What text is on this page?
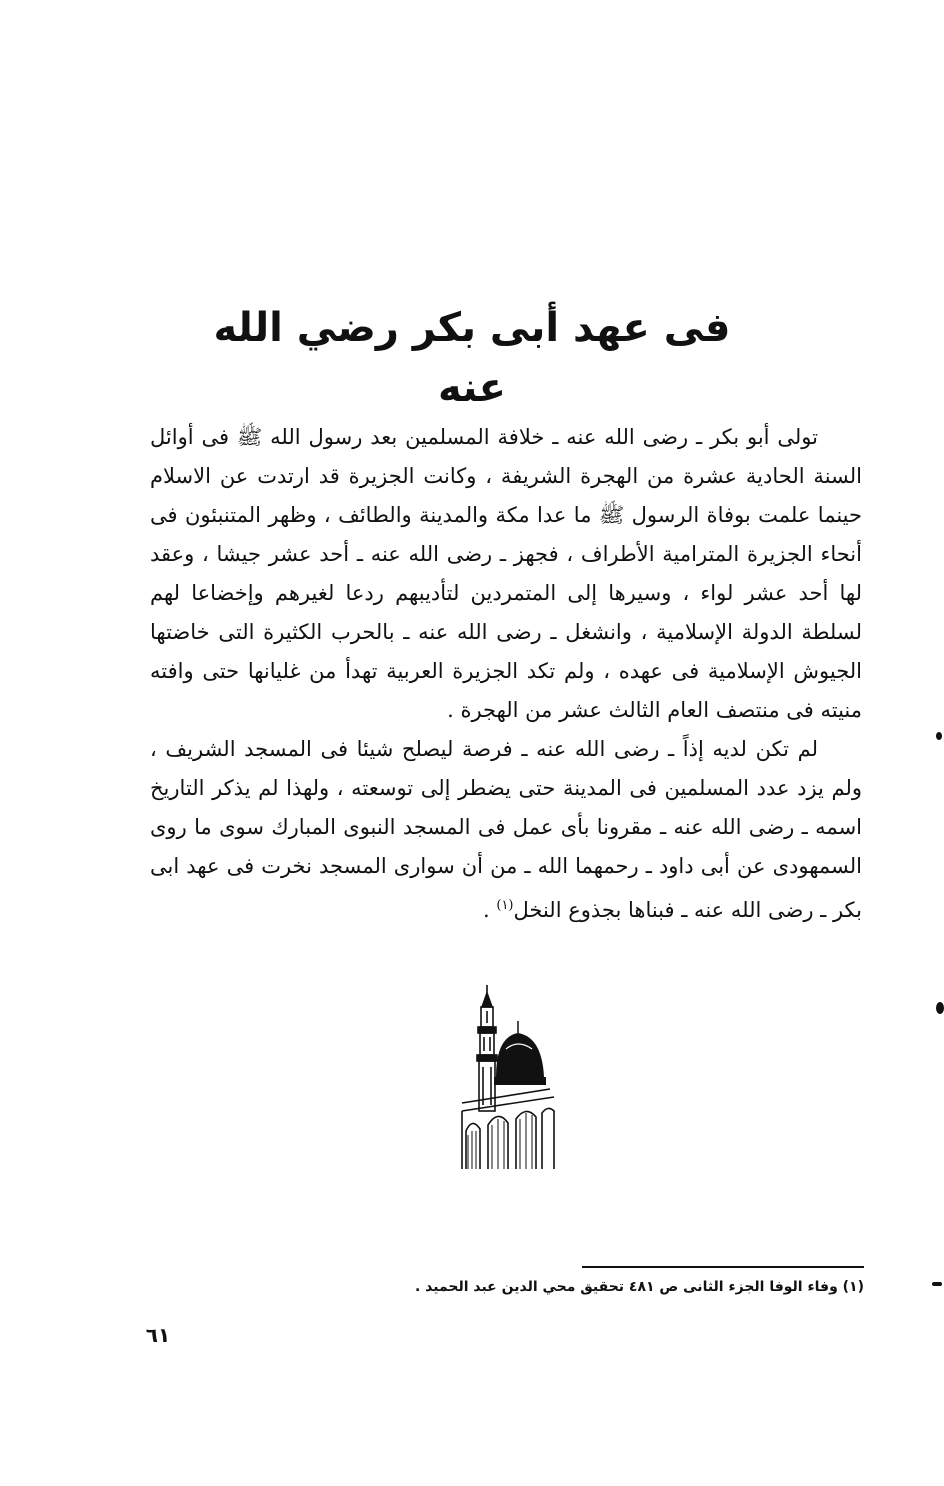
فى عهد أبى بكر رضي الله عنه

تولى أبو بكر ـ رضى الله عنه ـ خلافة المسلمين بعد رسول الله ﷺ فى أوائل السنة الحادية عشرة من الهجرة الشريفة ، وكانت الجزيرة قد ارتدت عن الاسلام حينما علمت بوفاة الرسول ﷺ ما عدا مكة والمدينة والطائف ، وظهر المتنبئون فى أنحاء الجزيرة المترامية الأطراف ، فجهز ـ رضى الله عنه ـ أحد عشر جيشا ، وعقد لها أحد عشر لواء ، وسيرها إلى المتمردين لتأديبهم ردعا لغيرهم وإخضاعا لهم لسلطة الدولة الإسلامية ، وانشغل ـ رضى الله عنه ـ بالحرب الكثيرة التى خاضتها الجيوش الإسلامية فى عهده ، ولم تكد الجزيرة العربية تهدأ من غليانها حتى وافته منيته فى منتصف العام الثالث عشر من الهجرة .

لم تكن لديه إذاً ـ رضى الله عنه ـ فرصة ليصلح شيئا فى المسجد الشريف ، ولم يزد عدد المسلمين فى المدينة حتى يضطر إلى توسعته ، ولهذا لم يذكر التاريخ اسمه ـ رضى الله عنه ـ مقرونا بأى عمل فى المسجد النبوى المبارك سوى ما روى السمهودى عن أبى داود ـ رحمهما الله ـ من أن سوارى المسجد نخرت فى عهد ابى بكر ـ رضى الله عنه ـ فبناها بجذوع النخل$^{(١)}$ .

(١) وفاء الوفا الجزء الثانى ص ٤٨١ تحقيق محي الدين عبد الحميد .

٦١
